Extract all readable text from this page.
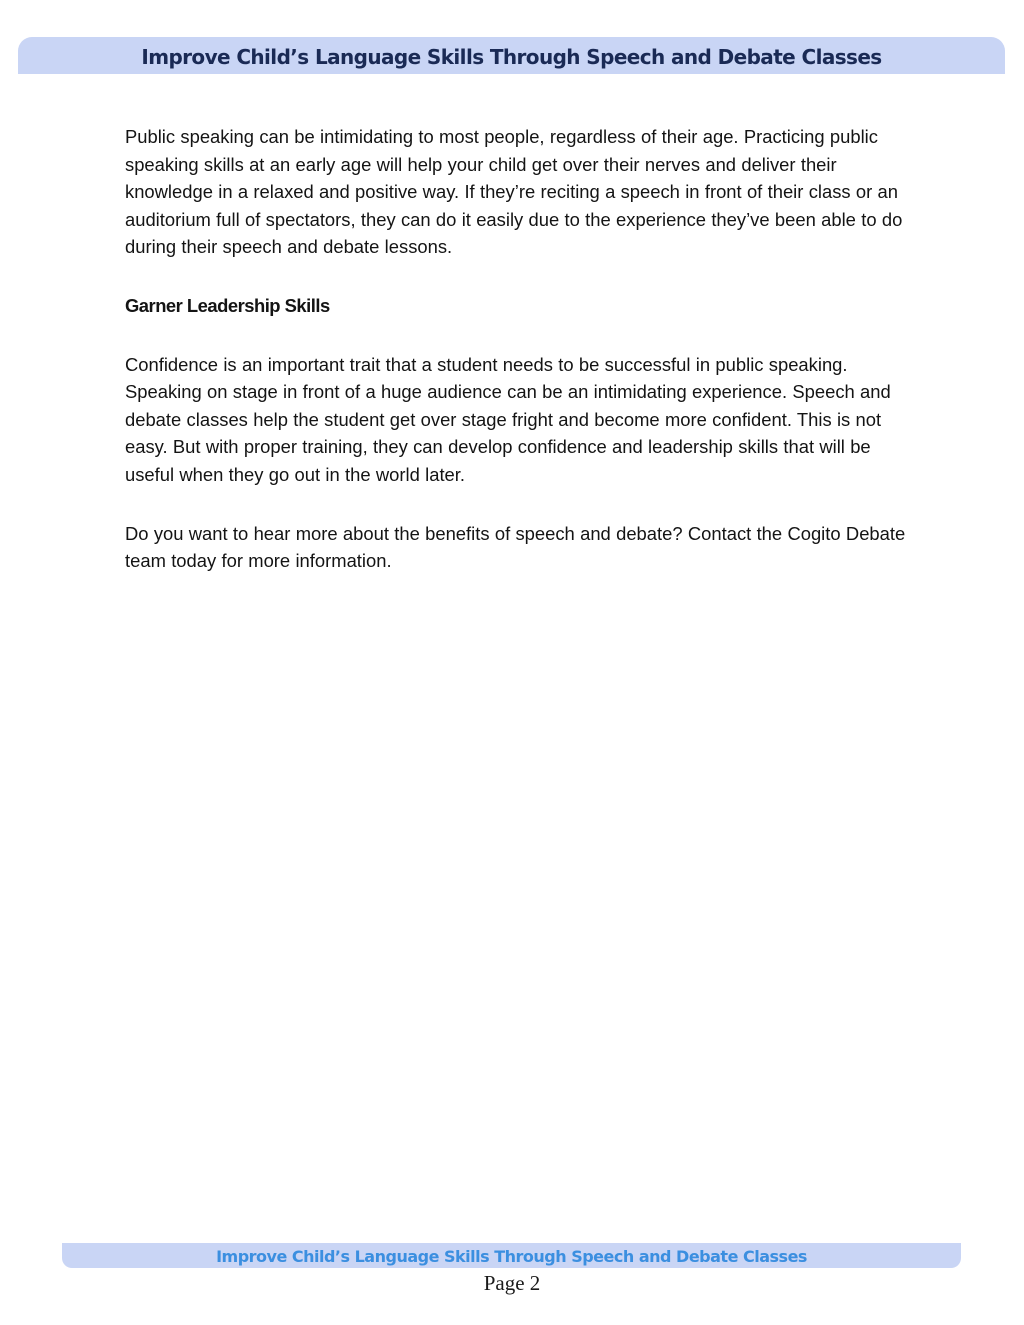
Improve Child’s Language Skills Through Speech and Debate Classes

Public speaking can be intimidating to most people, regardless of their age. Practicing public speaking skills at an early age will help your child get over their nerves and deliver their knowledge in a relaxed and positive way. If they’re reciting a speech in front of their class or an auditorium full of spectators, they can do it easily due to the experience they’ve been able to do during their speech and debate lessons.

Garner Leadership Skills

Confidence is an important trait that a student needs to be successful in public speaking. Speaking on stage in front of a huge audience can be an intimidating experience. Speech and debate classes help the student get over stage fright and become more confident. This is not easy. But with proper training, they can develop confidence and leadership skills that will be useful when they go out in the world later.

Do you want to hear more about the benefits of speech and debate? Contact the Cogito Debate team today for more information.

Improve Child’s Language Skills Through Speech and Debate Classes
Page 2
